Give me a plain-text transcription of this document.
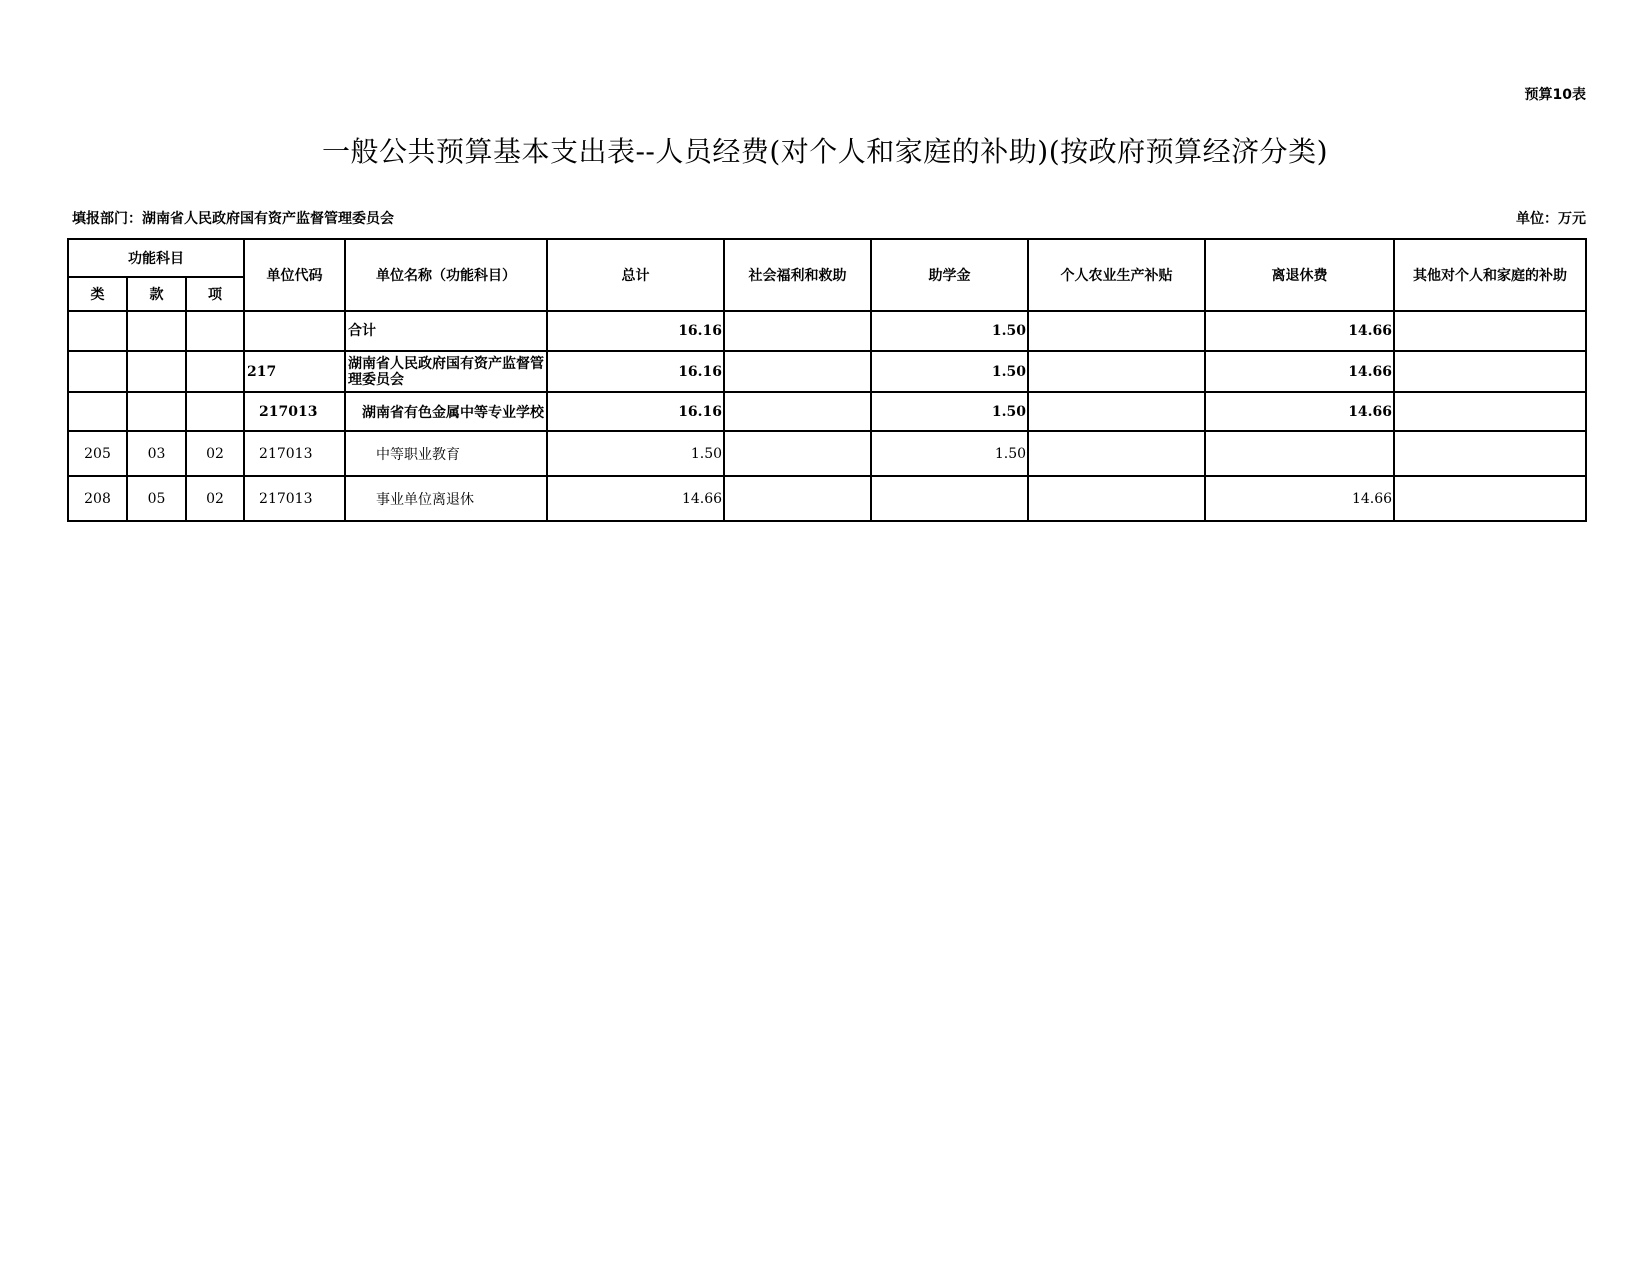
预算10表
一般公共预算基本支出表--人员经费(对个人和家庭的补助)(按政府预算经济分类)
填报部门：湖南省人民政府国有资产监督管理委员会	单位：万元
功能科目			单位代码	单位名称（功能科目）	总计	社会福利和救助	助学金	个人农业生产补贴	离退休费	其他对个人和家庭的补助
类	款	项								
				合计	16.16		1.50		14.66	
			217	湖南省人民政府国有资产监督管理委员会	16.16		1.50		14.66	
			217013	湖南省有色金属中等专业学校	16.16		1.50		14.66	
205	03	02	217013	中等职业教育	1.50		1.50			
208	05	02	217013	事业单位离退休	14.66				14.66	
